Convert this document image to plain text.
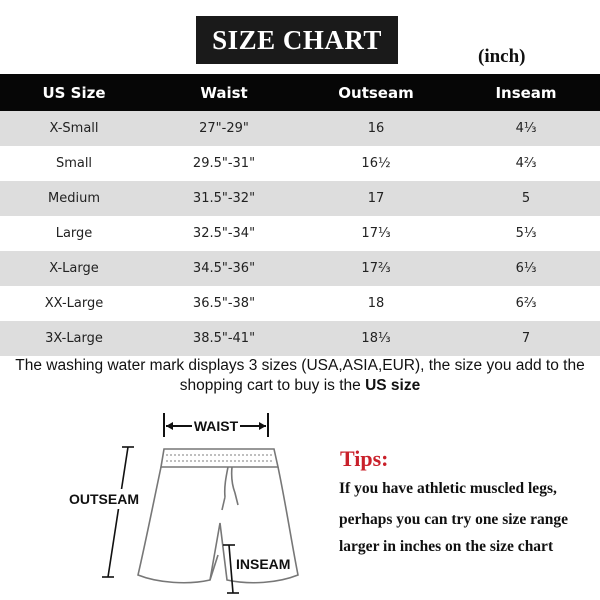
SIZE CHART
(inch)
US Size	Waist	Outseam	Inseam
X-Small	27"-29"	16	4⅓
Small	29.5"-31"	16½	4⅔
Medium	31.5"-32"	17	5
Large	32.5"-34"	17⅓	5⅓
X-Large	34.5"-36"	17⅔	6⅓
XX-Large	36.5"-38"	18	6⅔
3X-Large	38.5"-41"	18⅓	7
The washing water mark displays 3 sizes (USA,ASIA,EUR), the size you add to the
shopping cart to buy is the US size
WAIST
OUTSEAM
INSEAM
Tips:
If you have athletic muscled legs,
perhaps you can try one size range
larger in inches on the size chart
